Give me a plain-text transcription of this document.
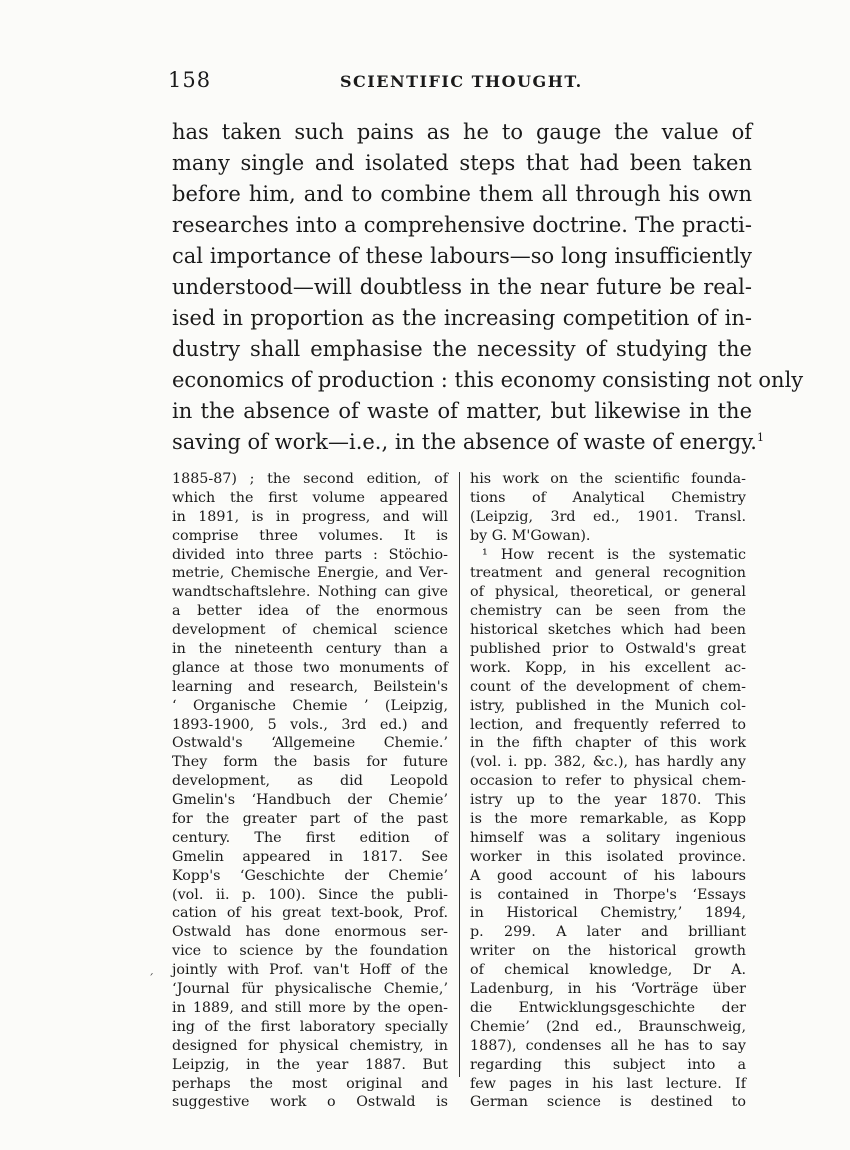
158	SCIENTIFIC THOUGHT.
has taken such pains as he to gauge the value of
many single and isolated steps that had been taken
before him, and to combine them all through his own
researches into a comprehensive doctrine. The practi-
cal importance of these labours—so long insufficiently
understood—will doubtless in the near future be real-
ised in proportion as the increasing competition of in-
dustry shall emphasise the necessity of studying the
economics of production : this economy consisting not only
in the absence of waste of matter, but likewise in the
saving of work—i.e., in the absence of waste of energy.$^1$
1885-87) ; the second edition, of
which the first volume appeared
in 1891, is in progress, and will
comprise three volumes. It is
divided into three parts : Stöchio-
metrie, Chemische Energie, and Ver-
wandtschaftslehre. Nothing can give
a better idea of the enormous
development of chemical science
in the nineteenth century than a
glance at those two monuments of
learning and research, Beilstein's
‘ Organische Chemie ’ (Leipzig,
1893-1900, 5 vols., 3rd ed.) and
Ostwald's ‘Allgemeine Chemie.’
They form the basis for future
development, as did Leopold
Gmelin's ‘Handbuch der Chemie’
for the greater part of the past
century. The first edition of
Gmelin appeared in 1817. See
Kopp's ‘Geschichte der Chemie’
(vol. ii. p. 100). Since the publi-
cation of his great text-book, Prof.
Ostwald has done enormous ser-
vice to science by the foundation
jointly with Prof. van't Hoff of the
‘Journal für physicalische Chemie,’
in 1889, and still more by the open-
ing of the first laboratory specially
designed for physical chemistry, in
Leipzig, in the year 1887. But
perhaps the most original and
suggestive work o Ostwald is
his work on the scientific founda-
tions of Analytical Chemistry
(Leipzig, 3rd ed., 1901. Transl.
by G. M'Gowan).
¹ How recent is the systematic
treatment and general recognition
of physical, theoretical, or general
chemistry can be seen from the
historical sketches which had been
published prior to Ostwald's great
work. Kopp, in his excellent ac-
count of the development of chem-
istry, published in the Munich col-
lection, and frequently referred to
in the fifth chapter of this work
(vol. i. pp. 382, &c.), has hardly any
occasion to refer to physical chem-
istry up to the year 1870. This
is the more remarkable, as Kopp
himself was a solitary ingenious
worker in this isolated province.
A good account of his labours
is contained in Thorpe's ‘Essays
in Historical Chemistry,’ 1894,
p. 299. A later and brilliant
writer on the historical growth
of chemical knowledge, Dr A.
Ladenburg, in his ‘Vorträge über
die Entwicklungsgeschichte der
Chemie’ (2nd ed., Braunschweig,
1887), condenses all he has to say
regarding this subject into a
few pages in his last lecture. If
German science is destined to
´
